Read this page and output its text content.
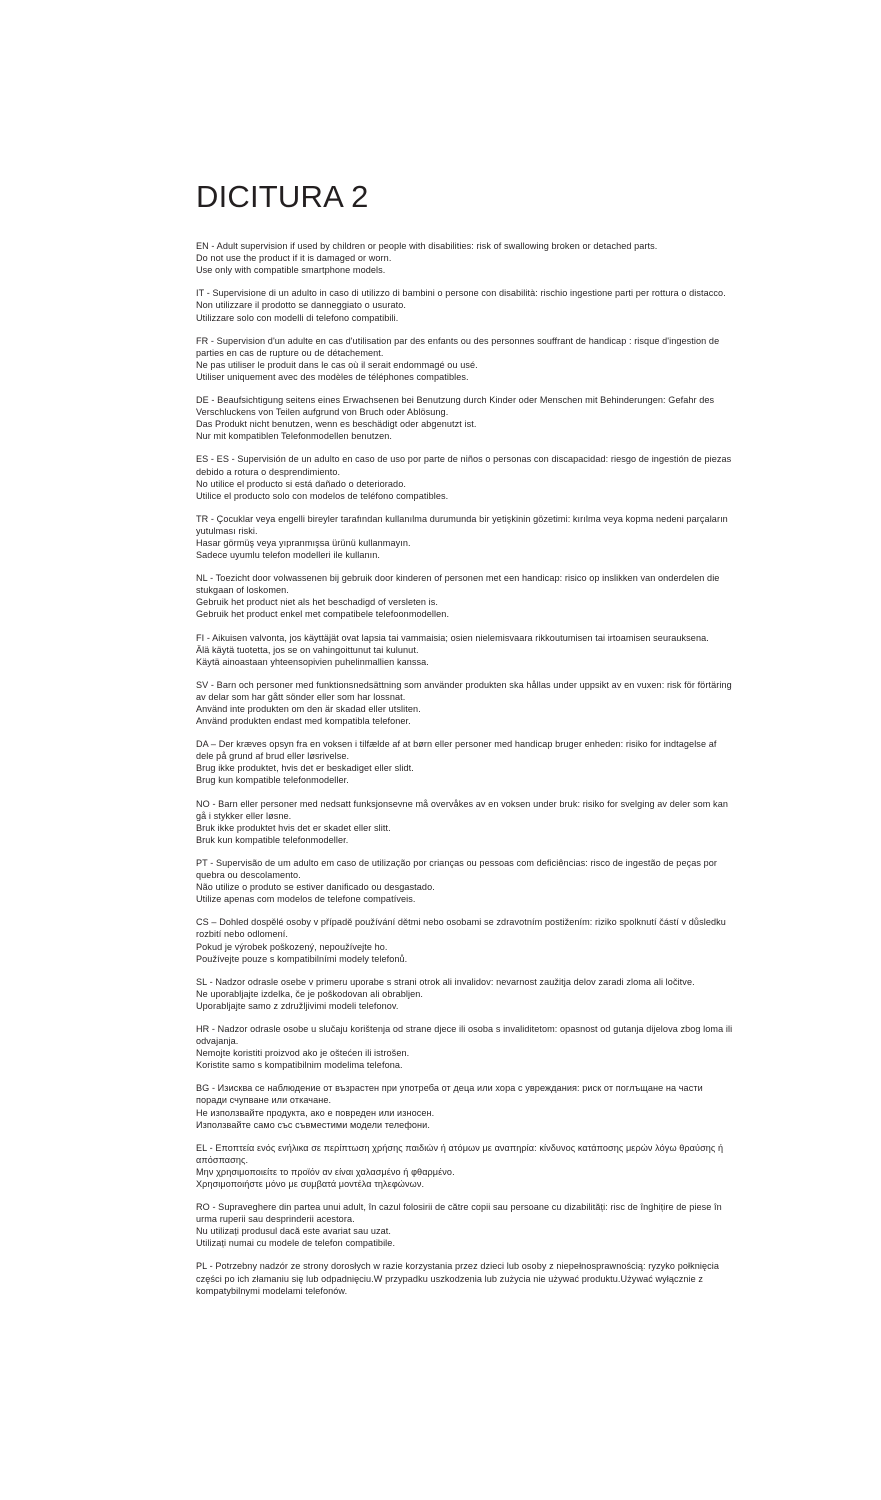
DICITURA 2

EN - Adult supervision if used by children or people with disabilities: risk of swallowing broken or detached parts.

Do not use the product if it is damaged or worn.

Use only with compatible smartphone models.

IT - Supervisione di un adulto in caso di utilizzo di bambini o persone con disabilità: rischio ingestione parti per rottura o distacco.

Non utilizzare il prodotto se danneggiato o usurato.

Utilizzare solo con modelli di telefono compatibili.

FR - Supervision d'un adulte en cas d'utilisation par des enfants ou des personnes souffrant de handicap : risque d'ingestion de parties en cas de rupture ou de détachement.

Ne pas utiliser le produit dans le cas où il serait endommagé ou usé.

Utiliser uniquement avec des modèles de téléphones compatibles.

DE - Beaufsichtigung seitens eines Erwachsenen bei Benutzung durch Kinder oder Menschen mit Behinderungen: Gefahr des Verschluckens von Teilen aufgrund von Bruch oder Ablösung.

Das Produkt nicht benutzen, wenn es beschädigt oder abgenutzt ist.

Nur mit kompatiblen Telefonmodellen benutzen.

ES - ES - Supervisión de un adulto en caso de uso por parte de niños o personas con discapacidad: riesgo de ingestión de piezas debido a rotura o desprendimiento.

No utilice el producto si está dañado o deteriorado.

Utilice el producto solo con modelos de teléfono compatibles.

TR - Çocuklar veya engelli bireyler tarafından kullanılma durumunda bir yetişkinin gözetimi: kırılma veya kopma nedeni parçaların yutulması riski.

Hasar görmüş veya yıpranmışsa ürünü kullanmayın.

Sadece uyumlu telefon modelleri ile kullanın.

NL - Toezicht door volwassenen bij gebruik door kinderen of personen met een handicap: risico op inslikken van onderdelen die stukgaan of loskomen.

Gebruik het product niet als het beschadigd of versleten is.

Gebruik het product enkel met compatibele telefoonmodellen.

FI - Aikuisen valvonta, jos käyttäjät ovat lapsia tai vammaisia; osien nielemisvaara rikkoutumisen tai irtoamisen seurauksena.

Älä käytä tuotetta, jos se on vahingoittunut tai kulunut.

Käytä ainoastaan yhteensopivien puhelinmallien kanssa.

SV - Barn och personer med funktionsnedsättning som använder produkten ska hållas under uppsikt av en vuxen: risk för förtäring av delar som har gått sönder eller som har lossnat.

Använd inte produkten om den är skadad eller utsliten.

Använd produkten endast med kompatibla telefoner.

DA – Der kræves opsyn fra en voksen i tilfælde af at børn eller personer med handicap bruger enheden: risiko for indtagelse af dele på grund af brud eller løsrivelse.

Brug ikke produktet, hvis det er beskadiget eller slidt.

Brug kun kompatible telefonmodeller.

NO - Barn eller personer med nedsatt funksjonsevne må overvåkes av en voksen under bruk: risiko for svelging av deler som kan gå i stykker eller løsne.

Bruk ikke produktet hvis det er skadet eller slitt.

Bruk kun kompatible telefonmodeller.

PT - Supervisão de um adulto em caso de utilização por crianças ou pessoas com deficiências: risco de ingestão de peças por quebra ou descolamento.

Não utilize o produto se estiver danificado ou desgastado.

Utilize apenas com modelos de telefone compatíveis.

CS – Dohled dospělé osoby v případě používání dětmi nebo osobami se zdravotním postižením: riziko spolknutí částí v důsledku rozbití nebo odlomení.

Pokud je výrobek poškozený, nepoužívejte ho.

Používejte pouze s kompatibilními modely telefonů.

SL - Nadzor odrasle osebe v primeru uporabe s strani otrok ali invalidov: nevarnost zaužitja delov zaradi zloma ali ločitve.

Ne uporabljajte izdelka, če je poškodovan ali obrabljen.

Uporabljajte samo z združljivimi modeli telefonov.

HR - Nadzor odrasle osobe u slučaju korištenja od strane djece ili osoba s invaliditetom: opasnost od gutanja dijelova zbog loma ili odvajanja.

Nemojte koristiti proizvod ako je oštećen ili istrošen.

Koristite samo s kompatibilnim modelima telefona.

BG - Изисква се наблюдение от възрастен при употреба от деца или хора с увреждания: риск от поглъщане на части поради счупване или откачане.

Не използвайте продукта, ако е повреден или износен.

Използвайте само със съвместими модели телефони.

EL - Εποπτεία ενός ενήλικα σε περίπτωση χρήσης παιδιών ή ατόμων με αναπηρία: κίνδυνος κατάποσης μερών λόγω θραύσης ή απόσπασης.

Μην χρησιμοποιείτε το προϊόν αν είναι χαλασμένο ή φθαρμένο.

Χρησιμοποιήστε μόνο με συμβατά μοντέλα τηλεφώνων.

RO - Supraveghere din partea unui adult, în cazul folosirii de către copii sau persoane cu dizabilități: risc de înghițire de piese în urma ruperii sau desprinderii acestora.

Nu utilizați produsul dacă este avariat sau uzat.

Utilizați numai cu modele de telefon compatibile.

PL - Potrzebny nadzór ze strony dorosłych w razie korzystania przez dzieci lub osoby z niepełnosprawnością: ryzyko połknięcia części po ich złamaniu się lub odpadnięciu.W przypadku uszkodzenia lub zużycia nie używać produktu.Używać wyłącznie z kompatybilnymi modelami telefonów.
